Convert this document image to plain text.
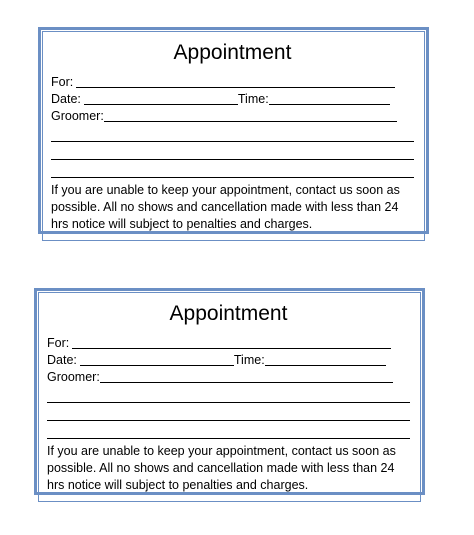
Appointment
For:
Date:	Time:
Groomer:
If you are unable to keep your appointment, contact us soon as possible. All no shows and cancellation made with less than 24 hrs notice will subject to penalties and charges.
Appointment
For:
Date:	Time:
Groomer:
If you are unable to keep your appointment, contact us soon as possible. All no shows and cancellation made with less than 24 hrs notice will subject to penalties and charges.
